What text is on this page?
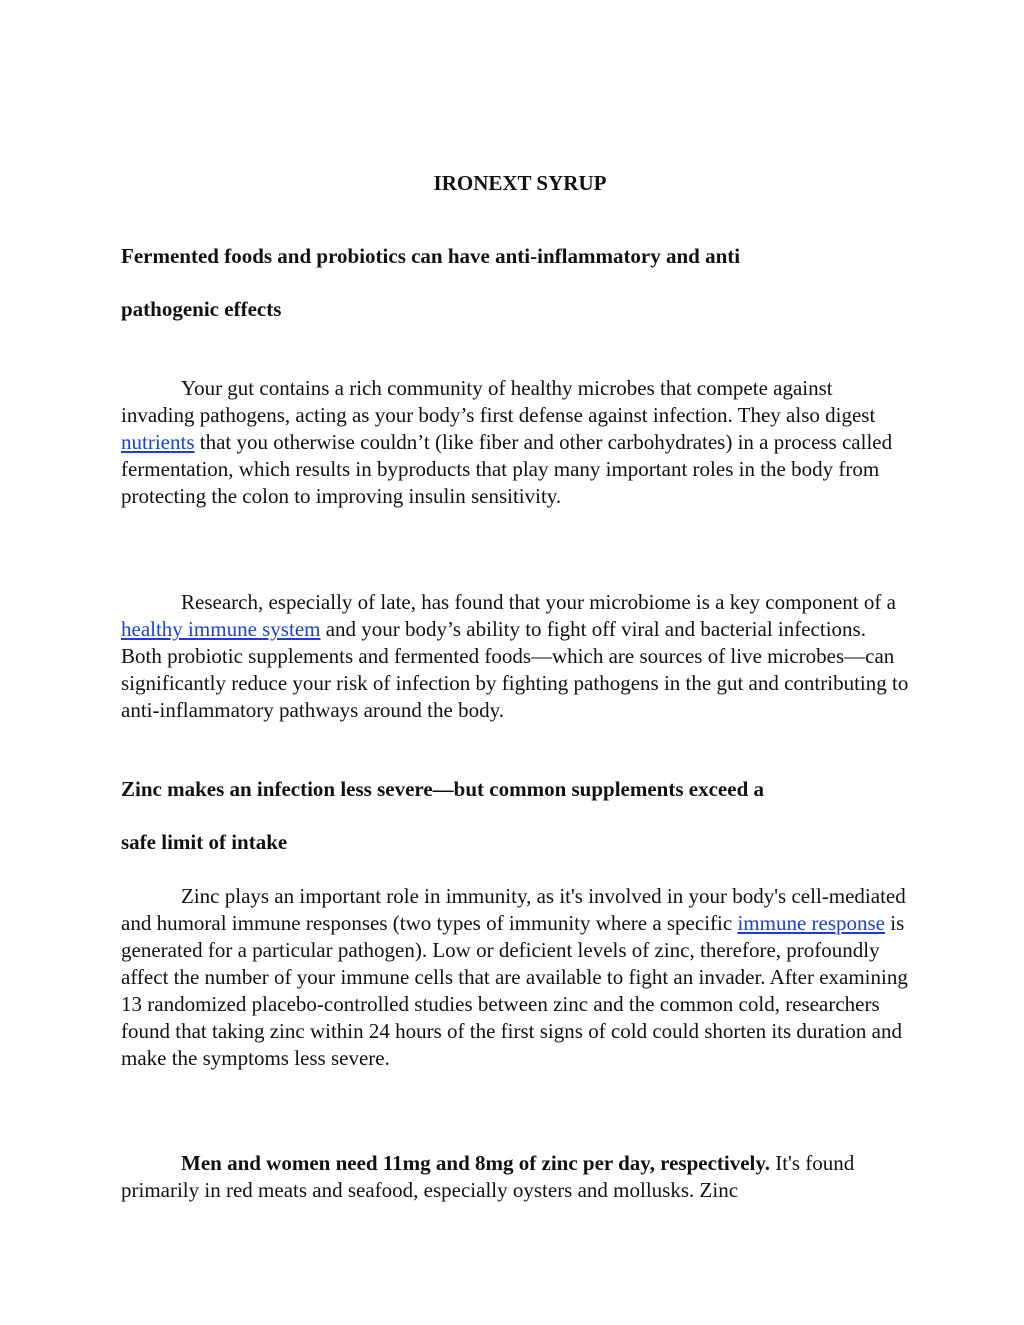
IRONEXT SYRUP
Fermented foods and probiotics can have anti-inflammatory and anti
pathogenic effects

Your gut contains a rich community of healthy microbes that compete against invading pathogens, acting as your body’s first defense against infection. They also digest nutrients that you otherwise couldn’t (like fiber and other carbohydrates) in a process called fermentation, which results in byproducts that play many important roles in the body from protecting the colon to improving insulin sensitivity.

Research, especially of late, has found that your microbiome is a key component of a healthy immune system and your body’s ability to fight off viral and bacterial infections. Both probiotic supplements and fermented foods—which are sources of live microbes—can significantly reduce your risk of infection by fighting pathogens in the gut and contributing to anti-inflammatory pathways around the body.

Zinc makes an infection less severe—but common supplements exceed a
safe limit of intake

Zinc plays an important role in immunity, as it's involved in your body's cell-mediated and humoral immune responses (two types of immunity where a specific immune response is generated for a particular pathogen). Low or deficient levels of zinc, therefore, profoundly affect the number of your immune cells that are available to fight an invader. After examining 13 randomized placebo-controlled studies between zinc and the common cold, researchers found that taking zinc within 24 hours of the first signs of cold could shorten its duration and make the symptoms less severe.

Men and women need 11mg and 8mg of zinc per day, respectively. It's found primarily in red meats and seafood, especially oysters and mollusks. Zinc
